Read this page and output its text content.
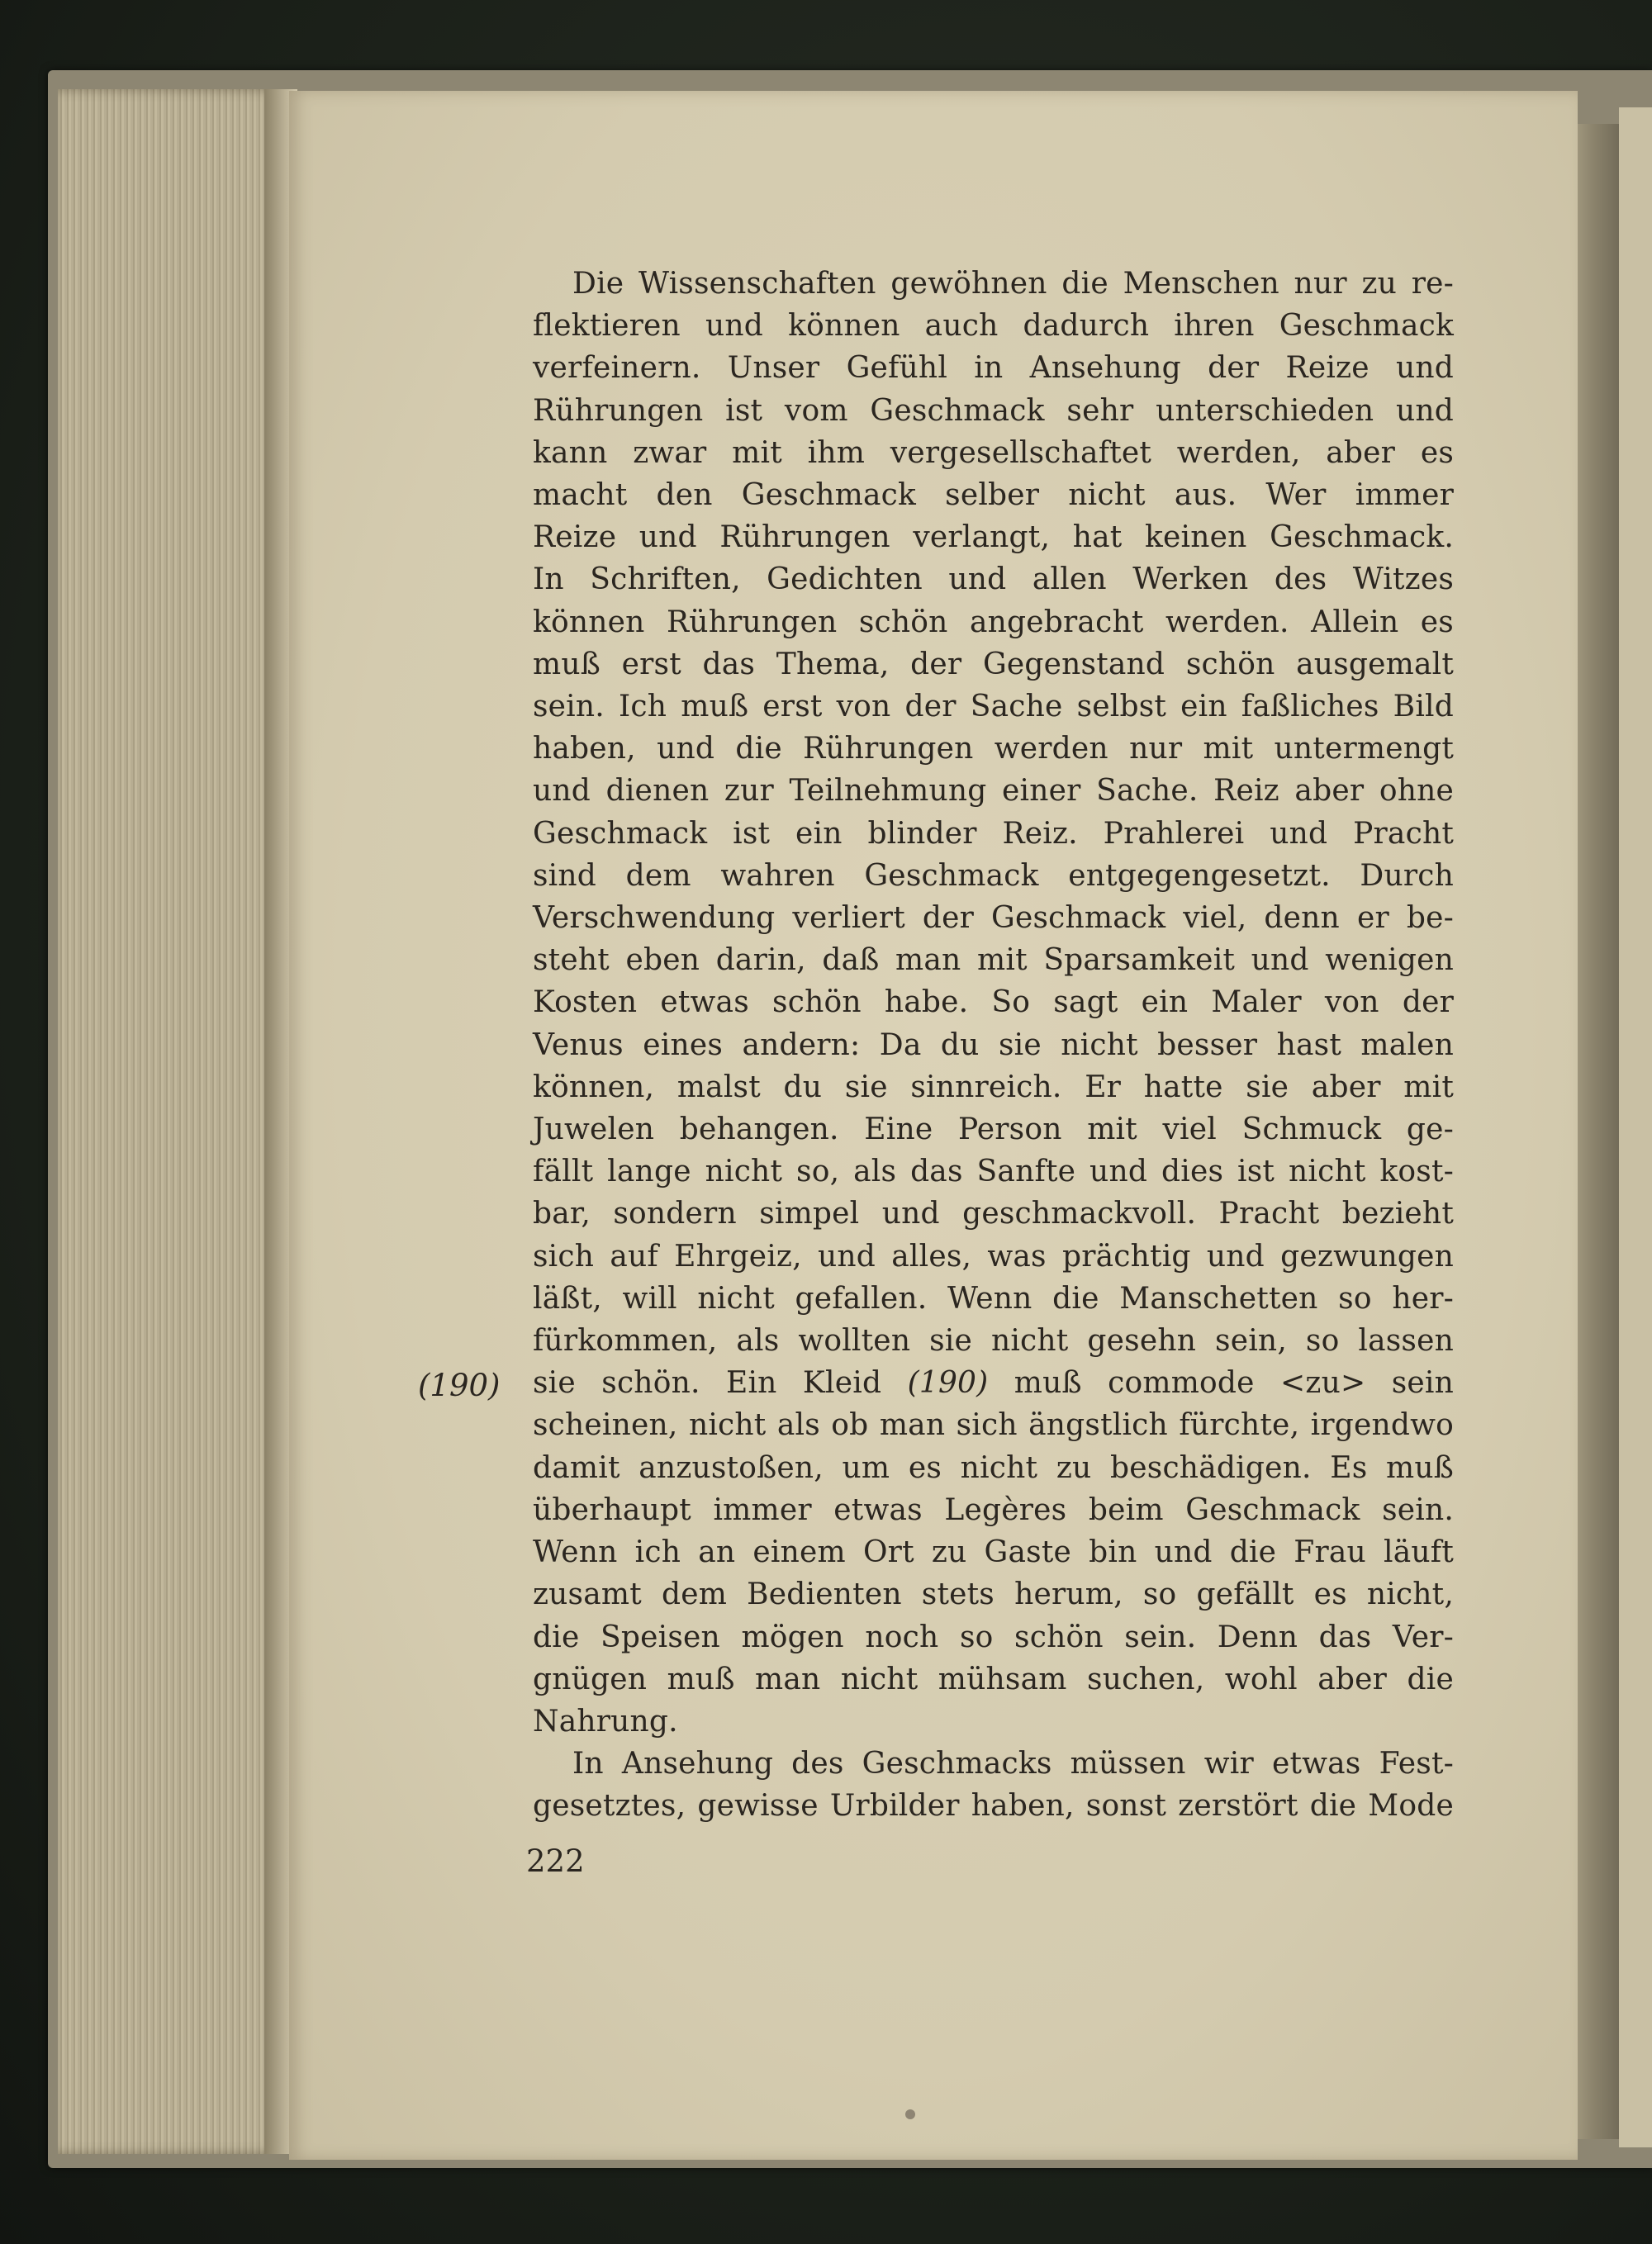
(190)

Die Wissenschaften gewöhnen die Menschen nur zu re-

flektieren und können auch dadurch ihren Geschmack

verfeinern. Unser Gefühl in Ansehung der Reize und

Rührungen ist vom Geschmack sehr unterschieden und

kann zwar mit ihm vergesellschaftet werden, aber es

macht den Geschmack selber nicht aus. Wer immer

Reize und Rührungen verlangt, hat keinen Geschmack.

In Schriften, Gedichten und allen Werken des Witzes

können Rührungen schön angebracht werden. Allein es

muß erst das Thema, der Gegenstand schön ausgemalt

sein. Ich muß erst von der Sache selbst ein faßliches Bild

haben, und die Rührungen werden nur mit untermengt

und dienen zur Teilnehmung einer Sache. Reiz aber ohne

Geschmack ist ein blinder Reiz. Prahlerei und Pracht

sind dem wahren Geschmack entgegengesetzt. Durch

Verschwendung verliert der Geschmack viel, denn er be-

steht eben darin, daß man mit Sparsamkeit und wenigen

Kosten etwas schön habe. So sagt ein Maler von der

Venus eines andern: Da du sie nicht besser hast malen

können, malst du sie sinnreich. Er hatte sie aber mit

Juwelen behangen. Eine Person mit viel Schmuck ge-

fällt lange nicht so, als das Sanfte und dies ist nicht kost-

bar, sondern simpel und geschmackvoll. Pracht bezieht

sich auf Ehrgeiz, und alles, was prächtig und gezwungen

läßt, will nicht gefallen. Wenn die Manschetten so her-

fürkommen, als wollten sie nicht gesehn sein, so lassen

sie schön. Ein Kleid (190) muß commode <zu> sein

scheinen, nicht als ob man sich ängstlich fürchte, irgendwo

damit anzustoßen, um es nicht zu beschädigen. Es muß

überhaupt immer etwas Legères beim Geschmack sein.

Wenn ich an einem Ort zu Gaste bin und die Frau läuft

zusamt dem Bedienten stets herum, so gefällt es nicht,

die Speisen mögen noch so schön sein. Denn das Ver-

gnügen muß man nicht mühsam suchen, wohl aber die

Nahrung.

In Ansehung des Geschmacks müssen wir etwas Fest-

gesetztes, gewisse Urbilder haben, sonst zerstört die Mode

222
